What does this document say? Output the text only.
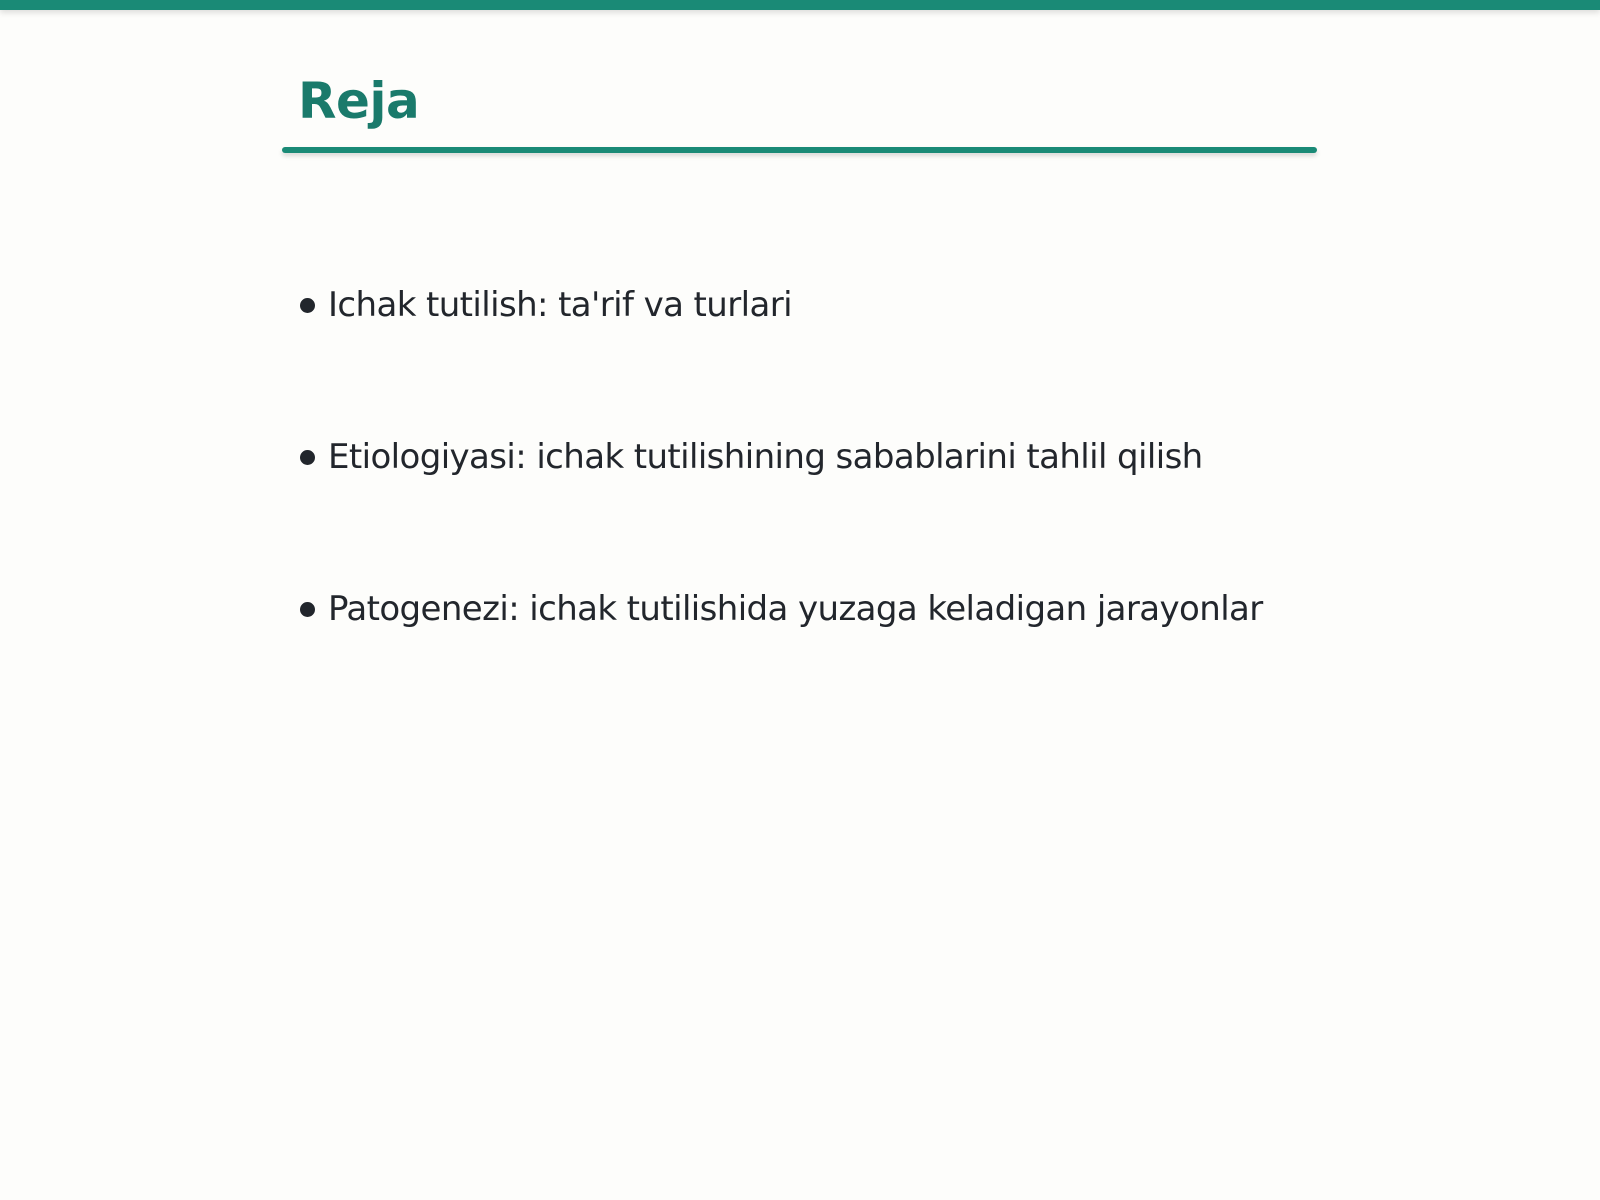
Reja
Ichak tutilish: ta'rif va turlari
Etiologiyasi: ichak tutilishining sabablarini tahlil qilish
Patogenezi: ichak tutilishida yuzaga keladigan jarayonlar
